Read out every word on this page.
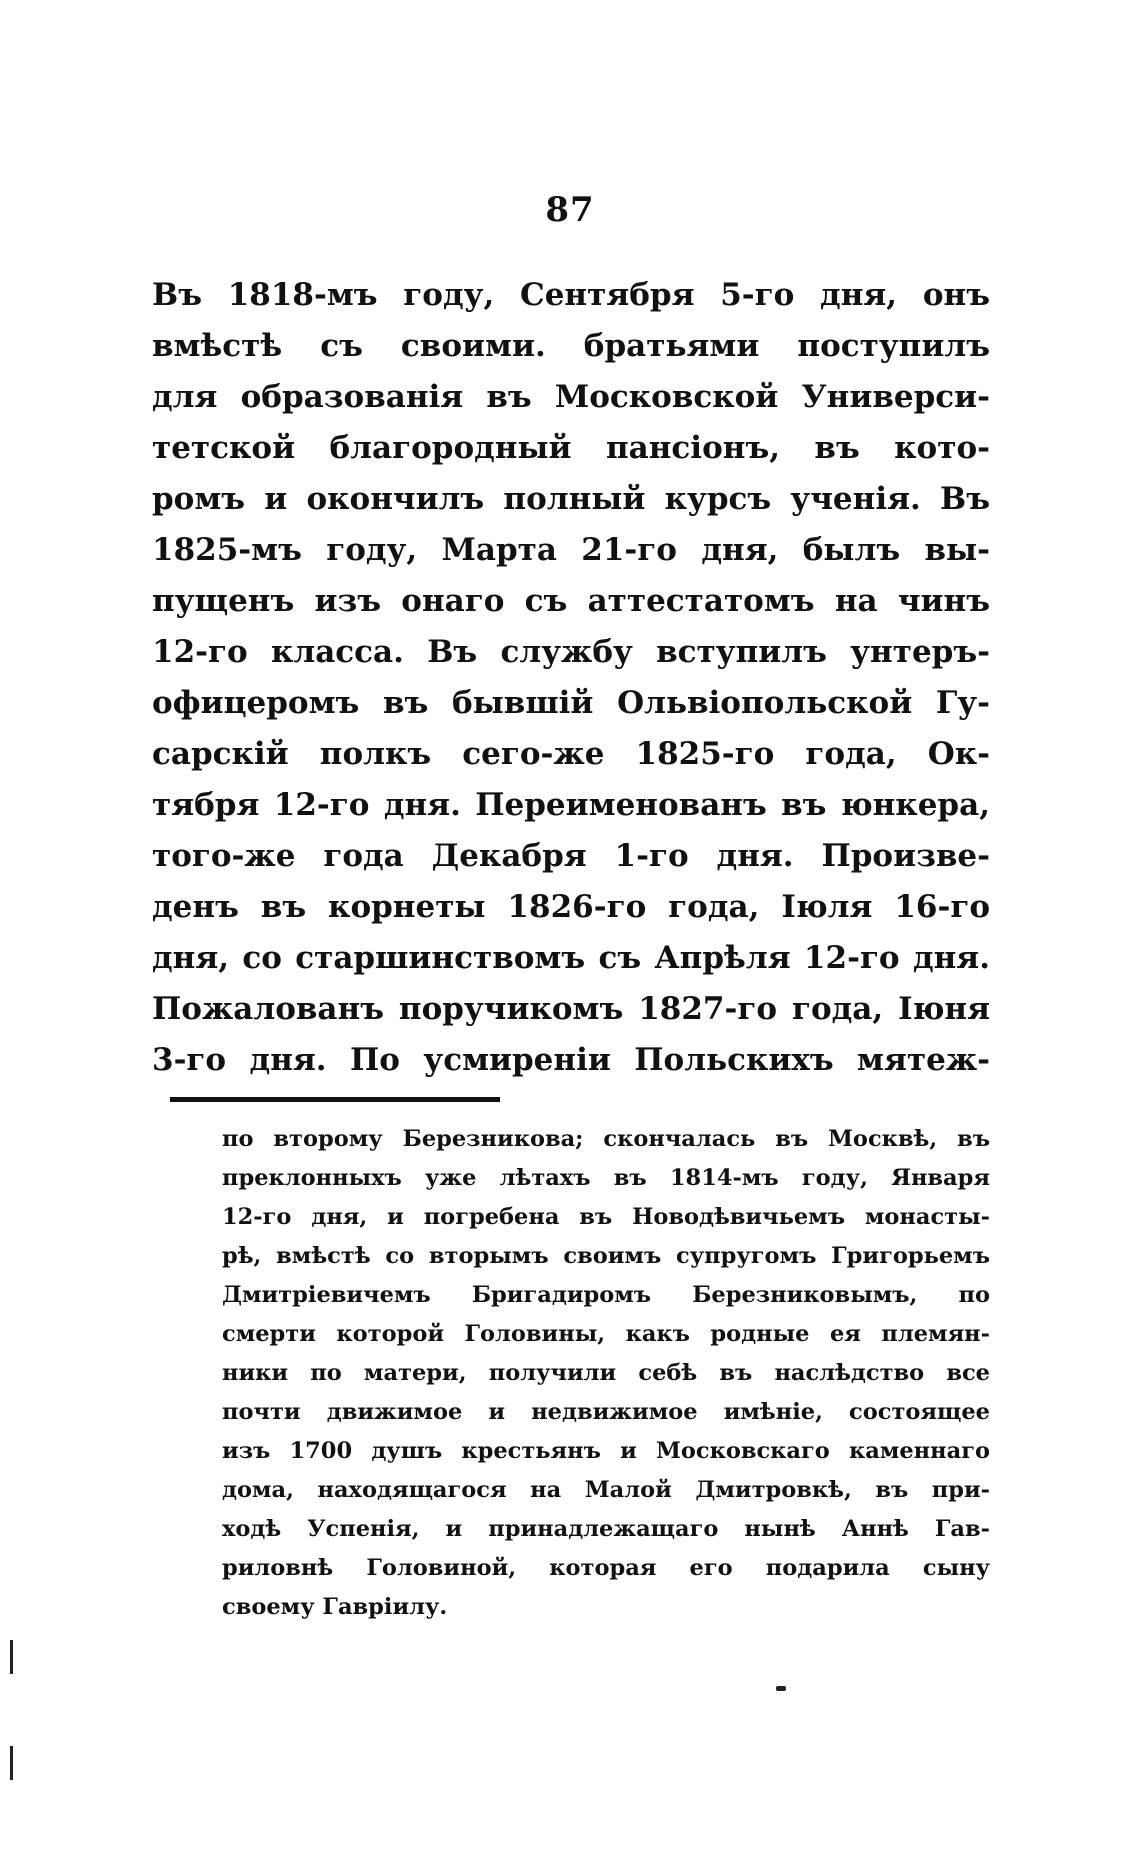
87
Въ 1818-мъ году, Сентября 5-го дня, онъ
вмѣстѣ съ своими. братьями поступилъ
для образованія въ Московской Универси-
тетской благородный пансіонъ, въ кото-
ромъ и окончилъ полный курсъ ученія. Въ
1825-мъ году, Марта 21-го дня, былъ вы-
пущенъ изъ онаго съ аттестатомъ на чинъ
12-го класса. Въ службу вступилъ унтеръ-
офицеромъ въ бывшій Ольвіопольской Гу-
сарскій полкъ сего-же 1825-го года, Ок-
тября 12-го дня. Переименованъ въ юнкера,
того-же года Декабря 1-го дня. Произве-
денъ въ корнеты 1826-го года, Іюля 16-го
дня, со старшинствомъ съ Апрѣля 12-го дня.
Пожалованъ поручикомъ 1827-го года, Іюня
3-го дня. По усмиреніи Польскихъ мятеж-
по второму Березникова; скончалась въ Москвѣ, въ
преклонныхъ уже лѣтахъ въ 1814-мъ году, Января
12-го дня, и погребена въ Новодѣвичьемъ монасты-
рѣ, вмѣстѣ со вторымъ своимъ супругомъ Григорьемъ
Дмитріевичемъ Бригадиромъ Березниковымъ, по
смерти которой Головины, какъ родные ея племян-
ники по матери, получили себѣ въ наслѣдство все
почти движимое и недвижимое имѣніе, состоящее
изъ 1700 душъ крестьянъ и Московскаго каменнаго
дома, находящагося на Малой Дмитровкѣ, въ при-
ходѣ Успенія, и принадлежащаго нынѣ Аннѣ Гав-
риловнѣ Головиной, которая его подарила сыну
своему Гавріилу.
